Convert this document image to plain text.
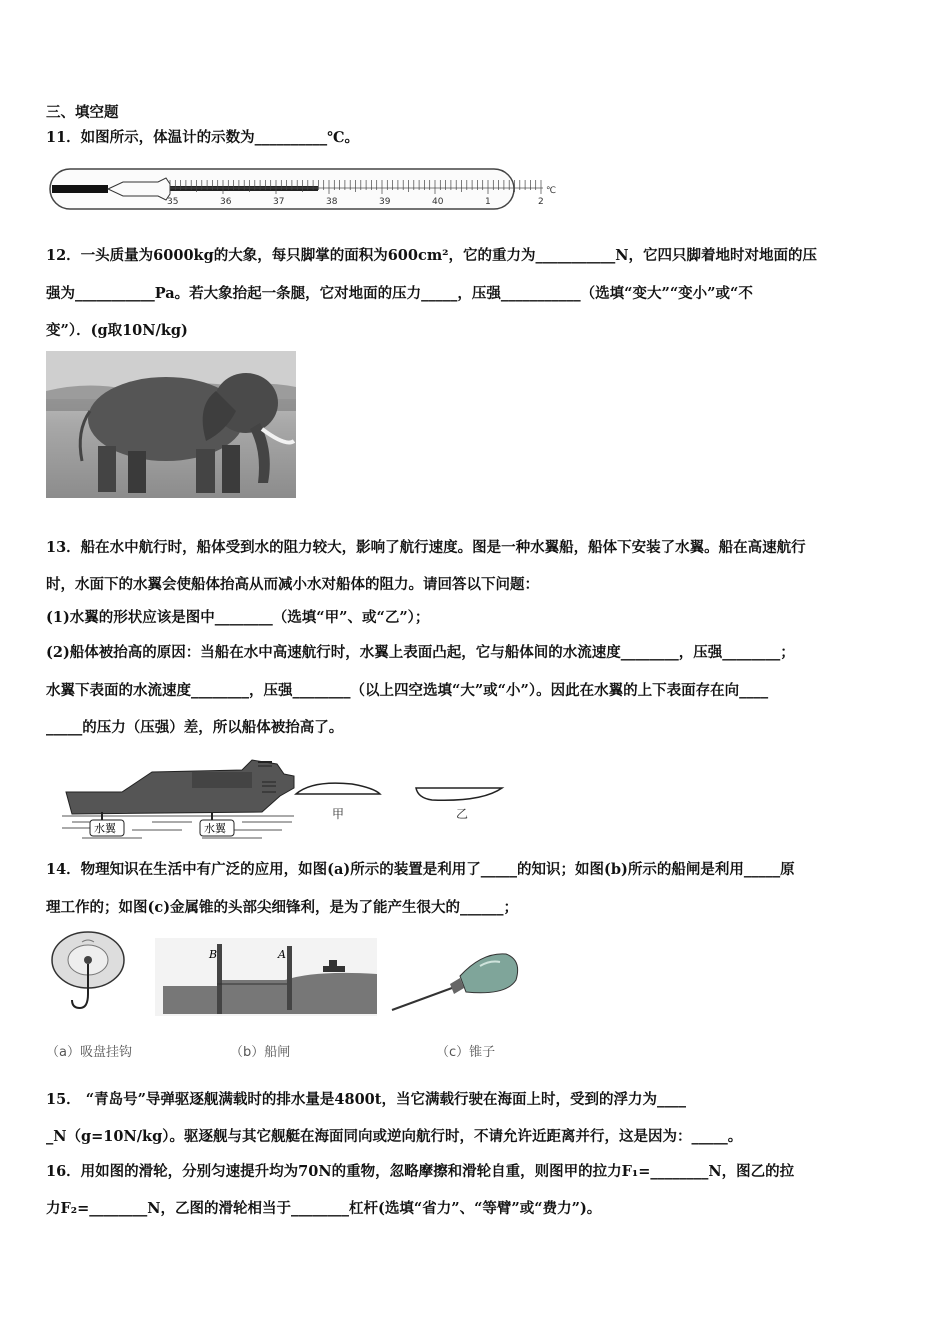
三、填空题
11．如图所示，体温计的示数为__________℃。
35	36	37	38	39	40	1	2
℃
12．一头质量为6000kg的大象，每只脚掌的面积为600cm²，它的重力为___________N，它四只脚着地时对地面的压
强为___________Pa。若大象抬起一条腿，它对地面的压力_____，压强___________（选填“变大”“变小”或“不
变”）．(g取10N/kg)
13．船在水中航行时，船体受到水的阻力较大，影响了航行速度。图是一种水翼船，船体下安装了水翼。船在高速航行
时，水面下的水翼会使船体抬高从而减小水对船体的阻力。请回答以下问题：
(1)水翼的形状应该是图中________（选填“甲”、或“乙”）；
(2)船体被抬高的原因：当船在水中高速航行时，水翼上表面凸起，它与船体间的水流速度________，压强________；
水翼下表面的水流速度________，压强________（以上四空选填“大”或“小”）。因此在水翼的上下表面存在向____
_____的压力（压强）差，所以船体被抬高了。
水翼	水翼
甲	乙
14．物理知识在生活中有广泛的应用，如图(a)所示的装置是利用了_____的知识；如图(b)所示的船闸是利用_____原
理工作的；如图(c)金属锥的头部尖细锋利，是为了能产生很大的______；
B	A
（a）吸盘挂钩	（b）船闸	（c）锥子
15． “青岛号”导弹驱逐舰满载时的排水量是4800t，当它满载行驶在海面上时，受到的浮力为____
_N（g=10N/kg）。驱逐舰与其它舰艇在海面同向或逆向航行时，不请允许近距离并行，这是因为：_____。
16．用如图的滑轮，分别匀速提升均为70N的重物，忽略摩擦和滑轮自重，则图甲的拉力F₁=________N，图乙的拉
力F₂=________N，乙图的滑轮相当于________杠杆(选填“省力”、“等臂”或“费力”)。
